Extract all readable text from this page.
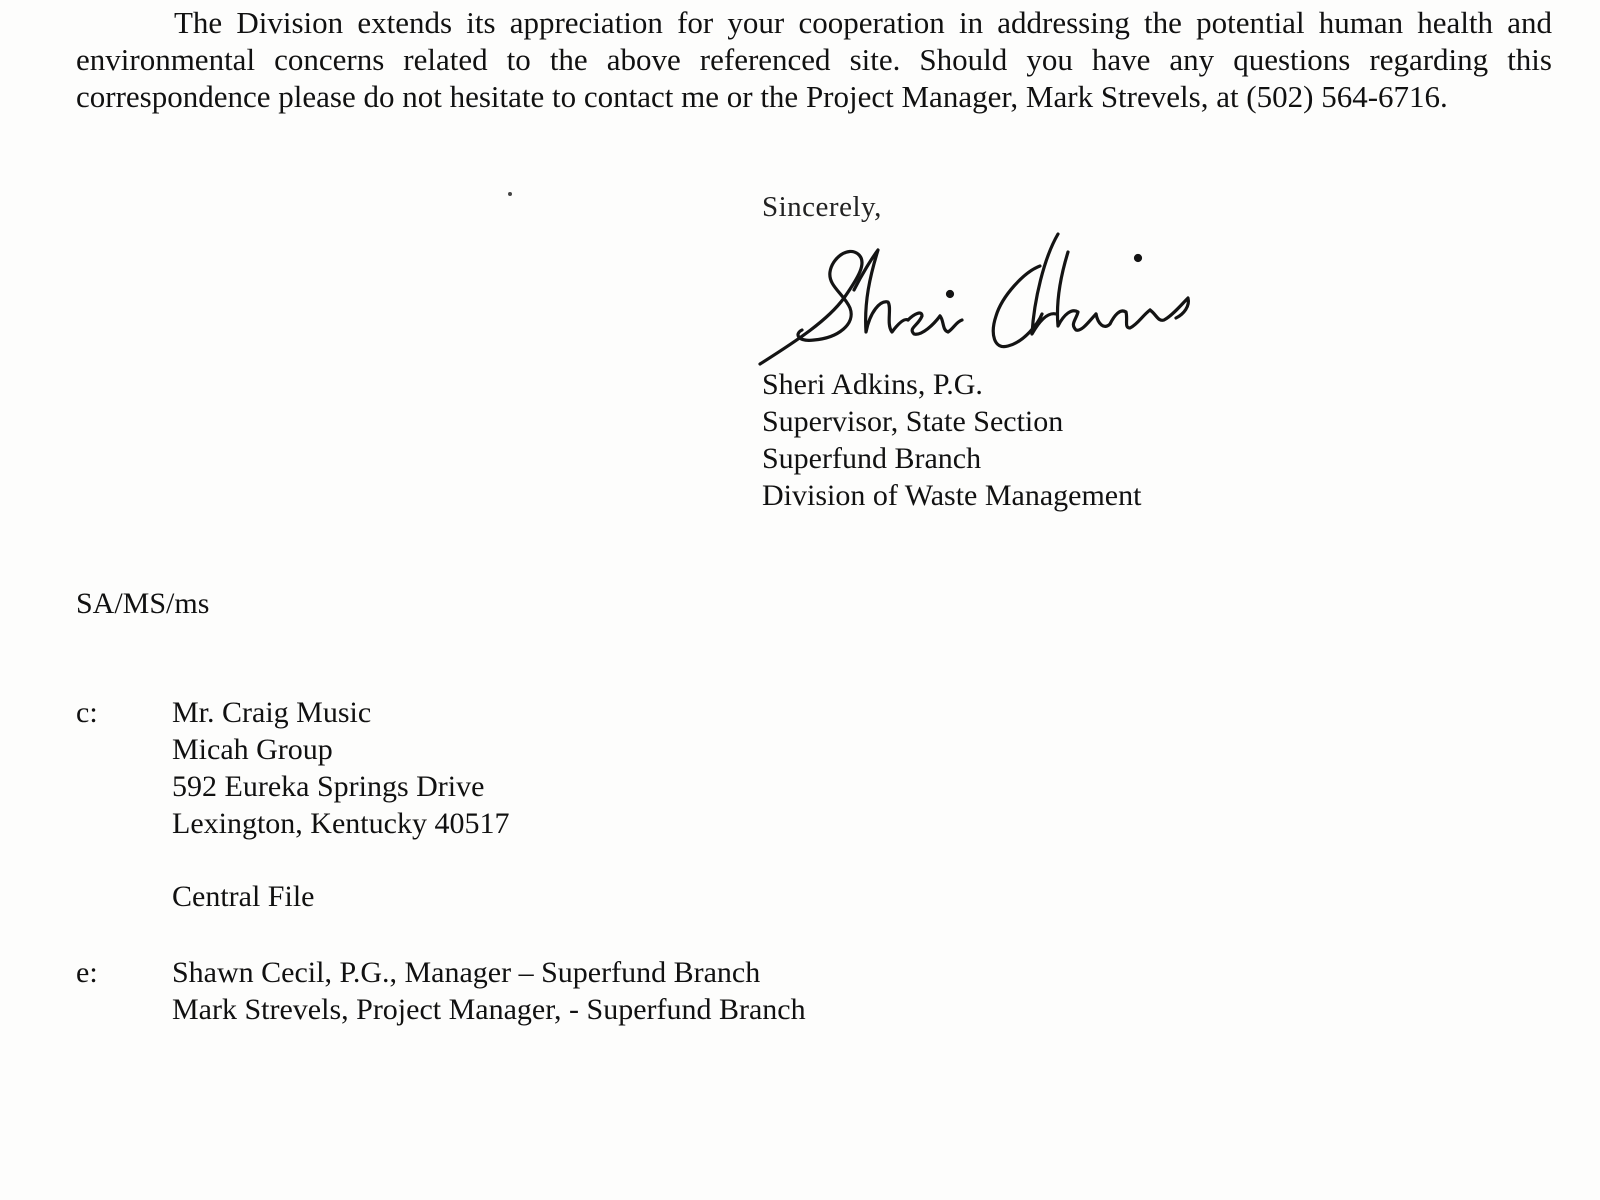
The Division extends its appreciation for your cooperation in addressing the potential human health and environmental concerns related to the above referenced site. Should you have any questions regarding this correspondence please do not hesitate to contact me or the Project Manager, Mark Strevels, at (502) 564-6716.

Sincerely,
Sheri Adkins, P.G.
Supervisor, State Section
Superfund Branch
Division of Waste Management
SA/MS/ms
c:	Mr. Craig Music
Micah Group
592 Eureka Springs Drive
Lexington, Kentucky 40517
Central File
e:	Shawn Cecil, P.G., Manager – Superfund Branch
Mark Strevels, Project Manager, - Superfund Branch
